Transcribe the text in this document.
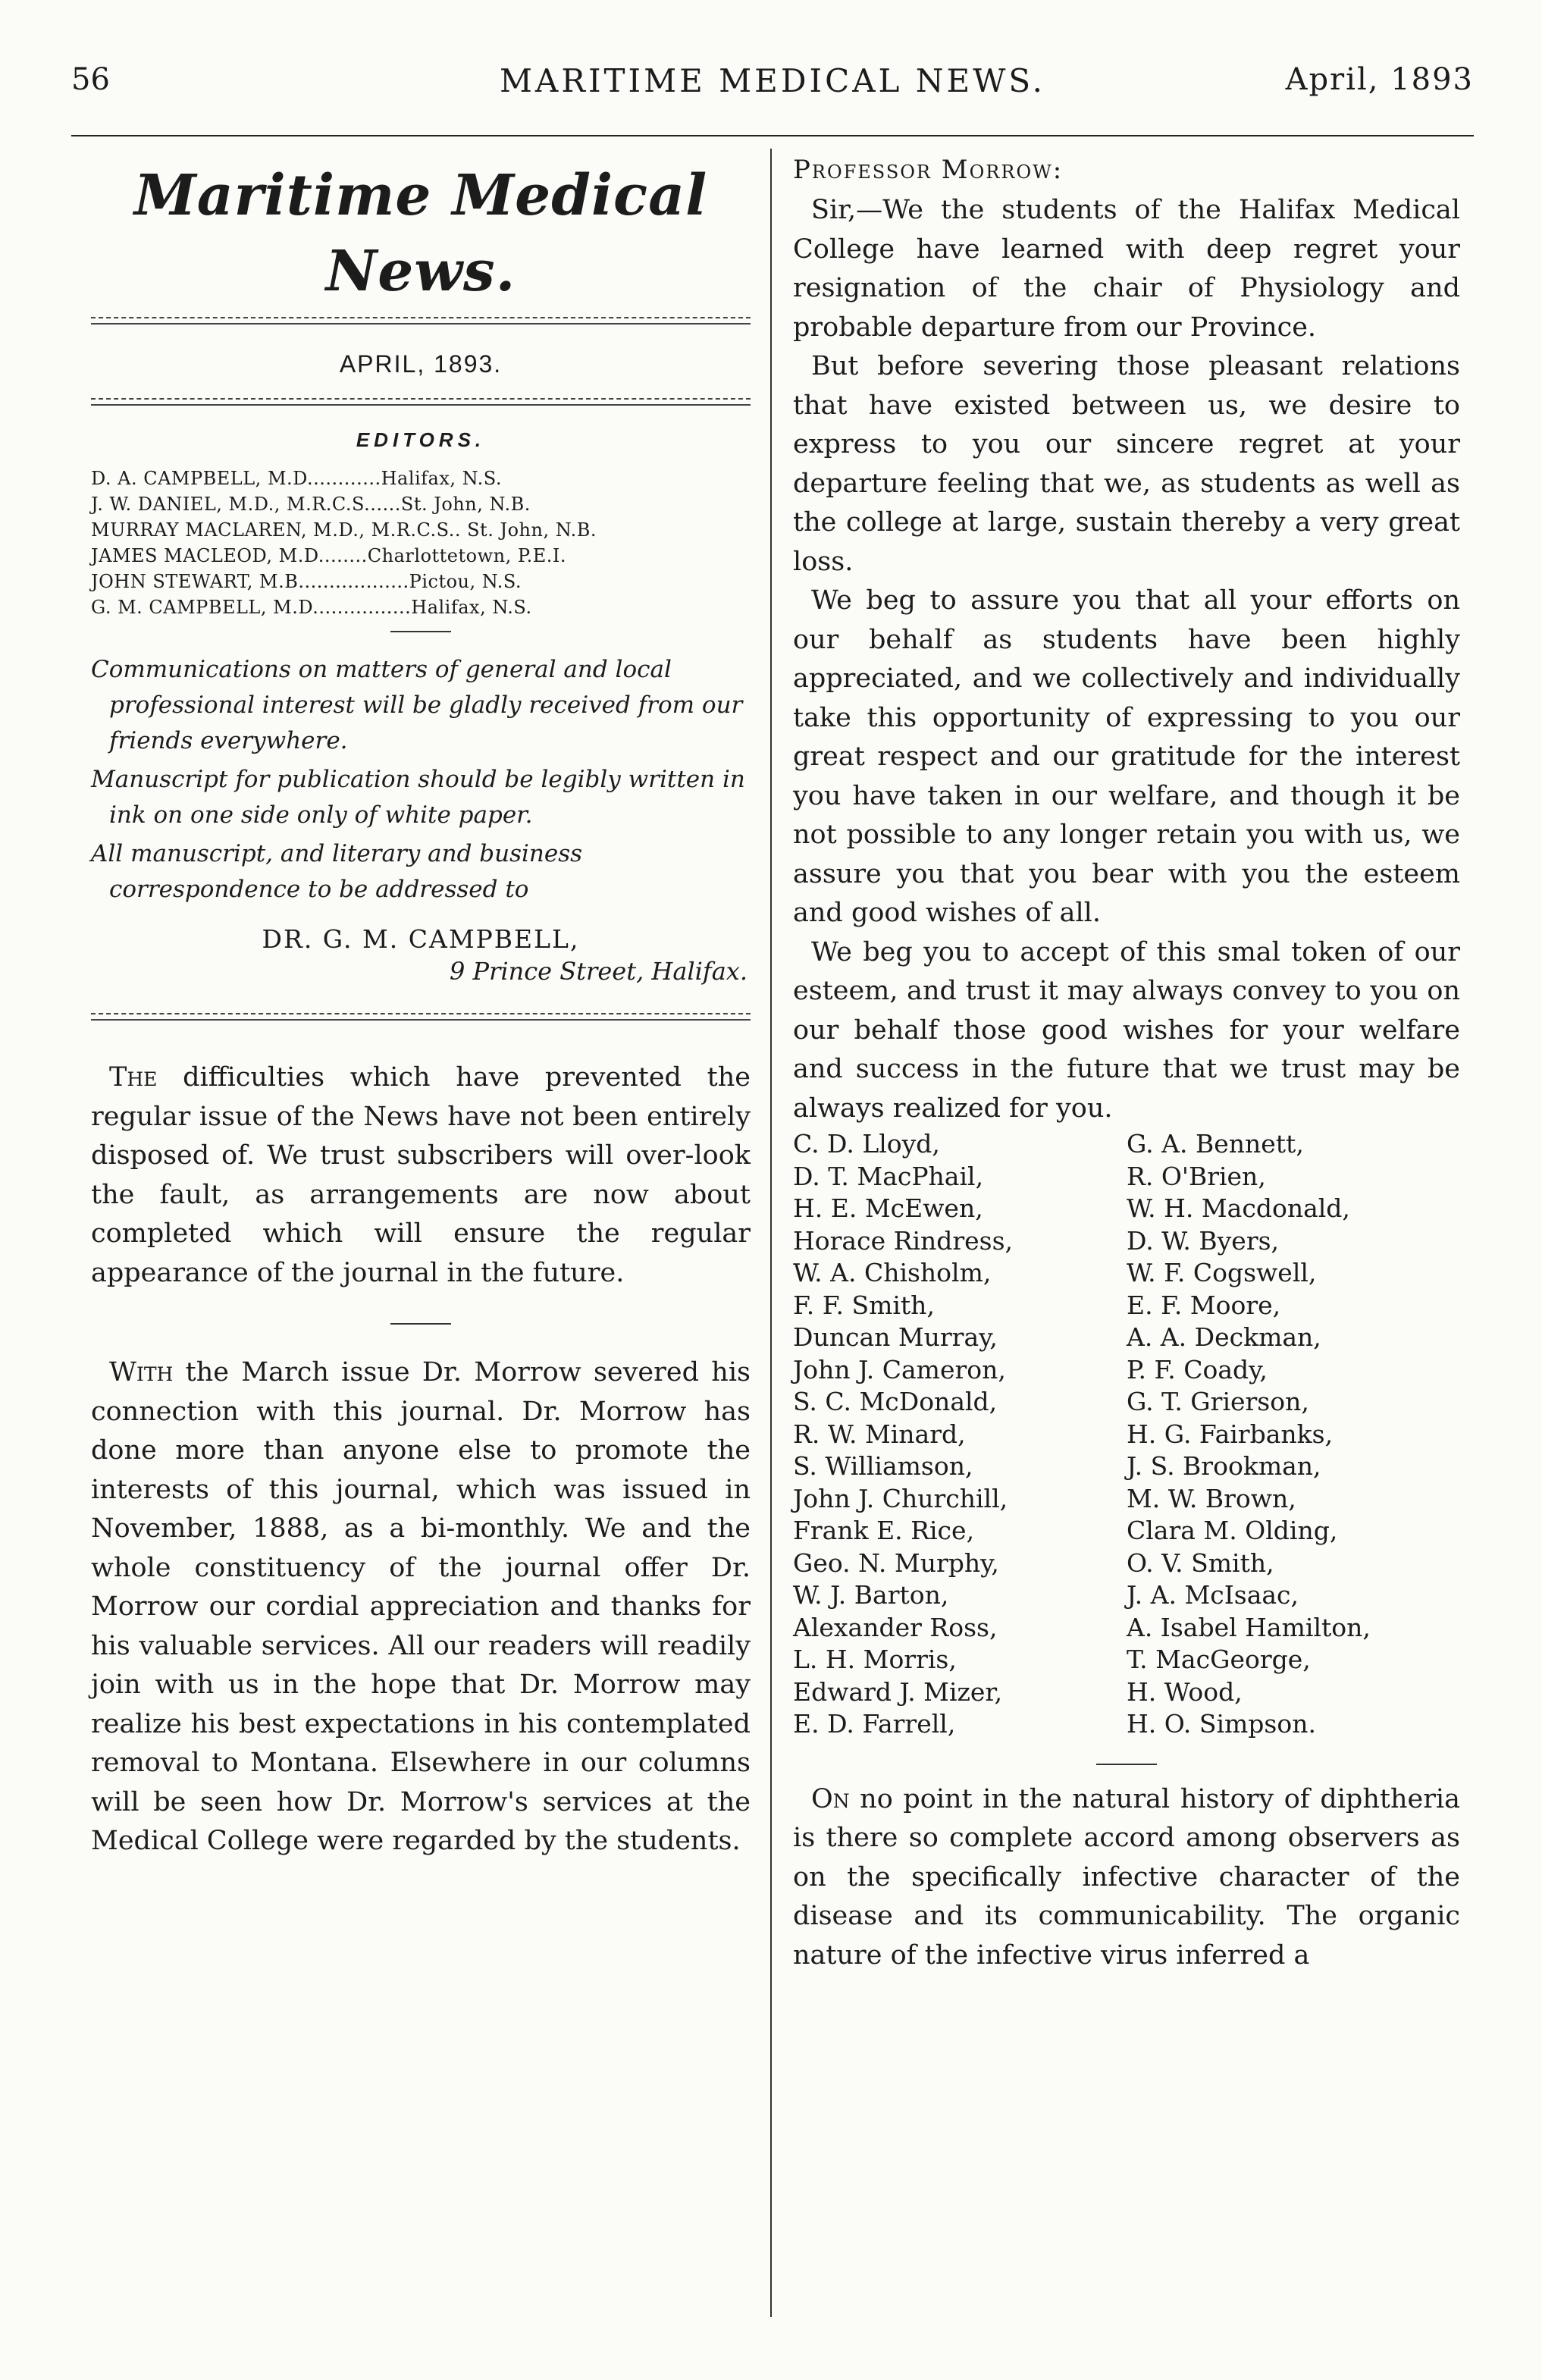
56	MARITIME MEDICAL NEWS.	April, 1893
Maritime Medical News.
APRIL, 1893.
EDITORS.
D. A. CAMPBELL, M.D............Halifax, N.S.
J. W. DANIEL, M.D., M.R.C.S......St. John, N.B.
MURRAY MACLAREN, M.D., M.R.C.S.. St. John, N.B.
JAMES MACLEOD, M.D........Charlottetown, P.E.I.
JOHN STEWART, M.B..................Pictou, N.S.
G. M. CAMPBELL, M.D................Halifax, N.S.

Communications on matters of general and local professional interest will be gladly received from our friends everywhere.

Manuscript for publication should be legibly written in ink on one side only of white paper.

All manuscript, and literary and business correspondence to be addressed to

DR. G. M. CAMPBELL,
9 Prince Street, Halifax.

The difficulties which have prevented the regular issue of the News have not been entirely disposed of. We trust subscribers will over-look the fault, as arrangements are now about completed which will ensure the regular appearance of the journal in the future.

With the March issue Dr. Morrow severed his connection with this journal. Dr. Morrow has done more than anyone else to promote the interests of this journal, which was issued in November, 1888, as a bi-monthly. We and the whole constituency of the journal offer Dr. Morrow our cordial appreciation and thanks for his valuable services. All our readers will readily join with us in the hope that Dr. Morrow may realize his best expectations in his contemplated removal to Montana. Elsewhere in our columns will be seen how Dr. Morrow's services at the Medical College were regarded by the students.

Professor Morrow:

Sir,—We the students of the Halifax Medical College have learned with deep regret your resignation of the chair of Physiology and probable departure from our Province.

But before severing those pleasant relations that have existed between us, we desire to express to you our sincere regret at your departure feeling that we, as students as well as the college at large, sustain thereby a very great loss.

We beg to assure you that all your efforts on our behalf as students have been highly appreciated, and we collectively and individually take this opportunity of expressing to you our great respect and our gratitude for the interest you have taken in our welfare, and though it be not possible to any longer retain you with us, we assure you that you bear with you the esteem and good wishes of all.

We beg you to accept of this smal token of our esteem, and trust it may always convey to you on our behalf those good wishes for your welfare and success in the future that we trust may be always realized for you.

C. D. Lloyd,	G. A. Bennett,
D. T. MacPhail,	R. O'Brien,
H. E. McEwen,	W. H. Macdonald,
Horace Rindress,	D. W. Byers,
W. A. Chisholm,	W. F. Cogswell,
F. F. Smith,	E. F. Moore,
Duncan Murray,	A. A. Deckman,
John J. Cameron,	P. F. Coady,
S. C. McDonald,	G. T. Grierson,
R. W. Minard,	H. G. Fairbanks,
S. Williamson,	J. S. Brookman,
John J. Churchill,	M. W. Brown,
Frank E. Rice,	Clara M. Olding,
Geo. N. Murphy,	O. V. Smith,
W. J. Barton,	J. A. McIsaac,
Alexander Ross,	A. Isabel Hamilton,
L. H. Morris,	T. MacGeorge,
Edward J. Mizer,	H. Wood,
E. D. Farrell,	H. O. Simpson.

On no point in the natural history of diphtheria is there so complete accord among observers as on the specifically infective character of the disease and its communicability. The organic nature of the infective virus inferred a
